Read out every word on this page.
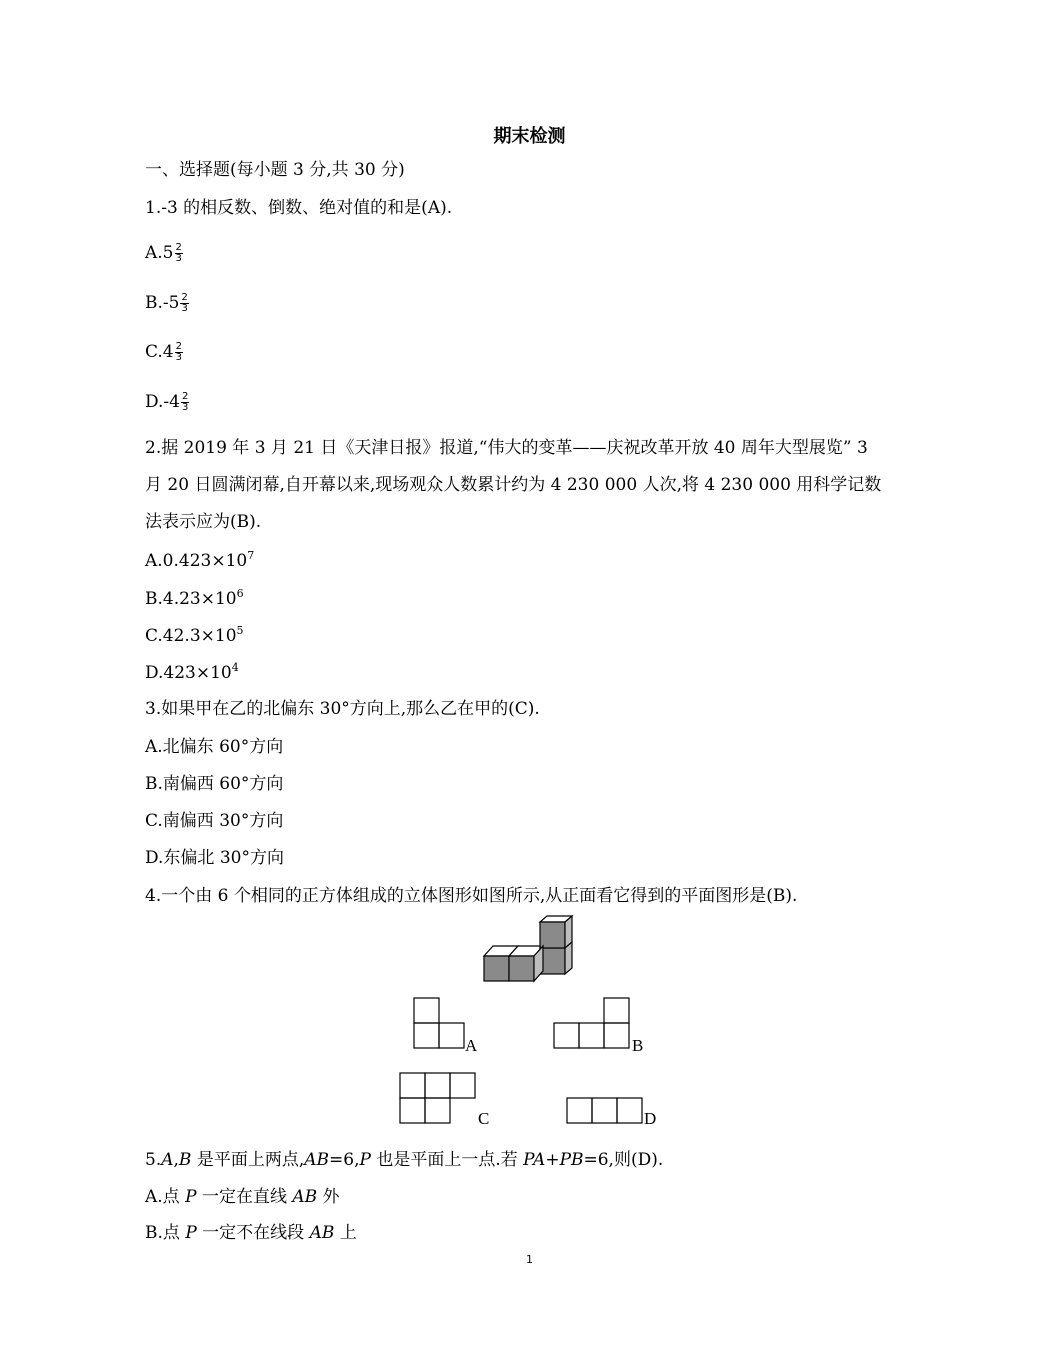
期末检测
一、选择题(每小题 3 分,共 30 分)
1.-3 的相反数、倒数、绝对值的和是(A).
$A.5 \frac{2}{3}$
$B.-5 \frac{2}{3}$
$C.4 \frac{2}{3}$
$D.-4 \frac{2}{3}$
2.据 2019 年 3 月 21 日《天津日报》报道,“伟大的变革——庆祝改革开放 40 周年大型展览” 3
月 20 日圆满闭幕,自开幕以来,现场观众人数累计约为 4 230 000 人次,将 4 230 000 用科学记数
法表示应为(B).
$A.0.423\times 10^7$
$B.4.23\times 10^6$
$C.42.3\times 10^5$
$D.423\times 10^4$
3.如果甲在乙的北偏东 30°方向上,那么乙在甲的(C).
A.北偏东 60°方向
B.南偏西 60°方向
C.南偏西 30°方向
D.东偏北 30°方向
4.一个由 6 个相同的正方体组成的立体图形如图所示,从正面看它得到的平面图形是(B).
A	B
C	D
5.A,B 是平面上两点,AB=6,P 也是平面上一点.若 PA+PB=6,则(D).
A.点 P 一定在直线 AB 外
B.点 P 一定不在线段 AB 上
1
